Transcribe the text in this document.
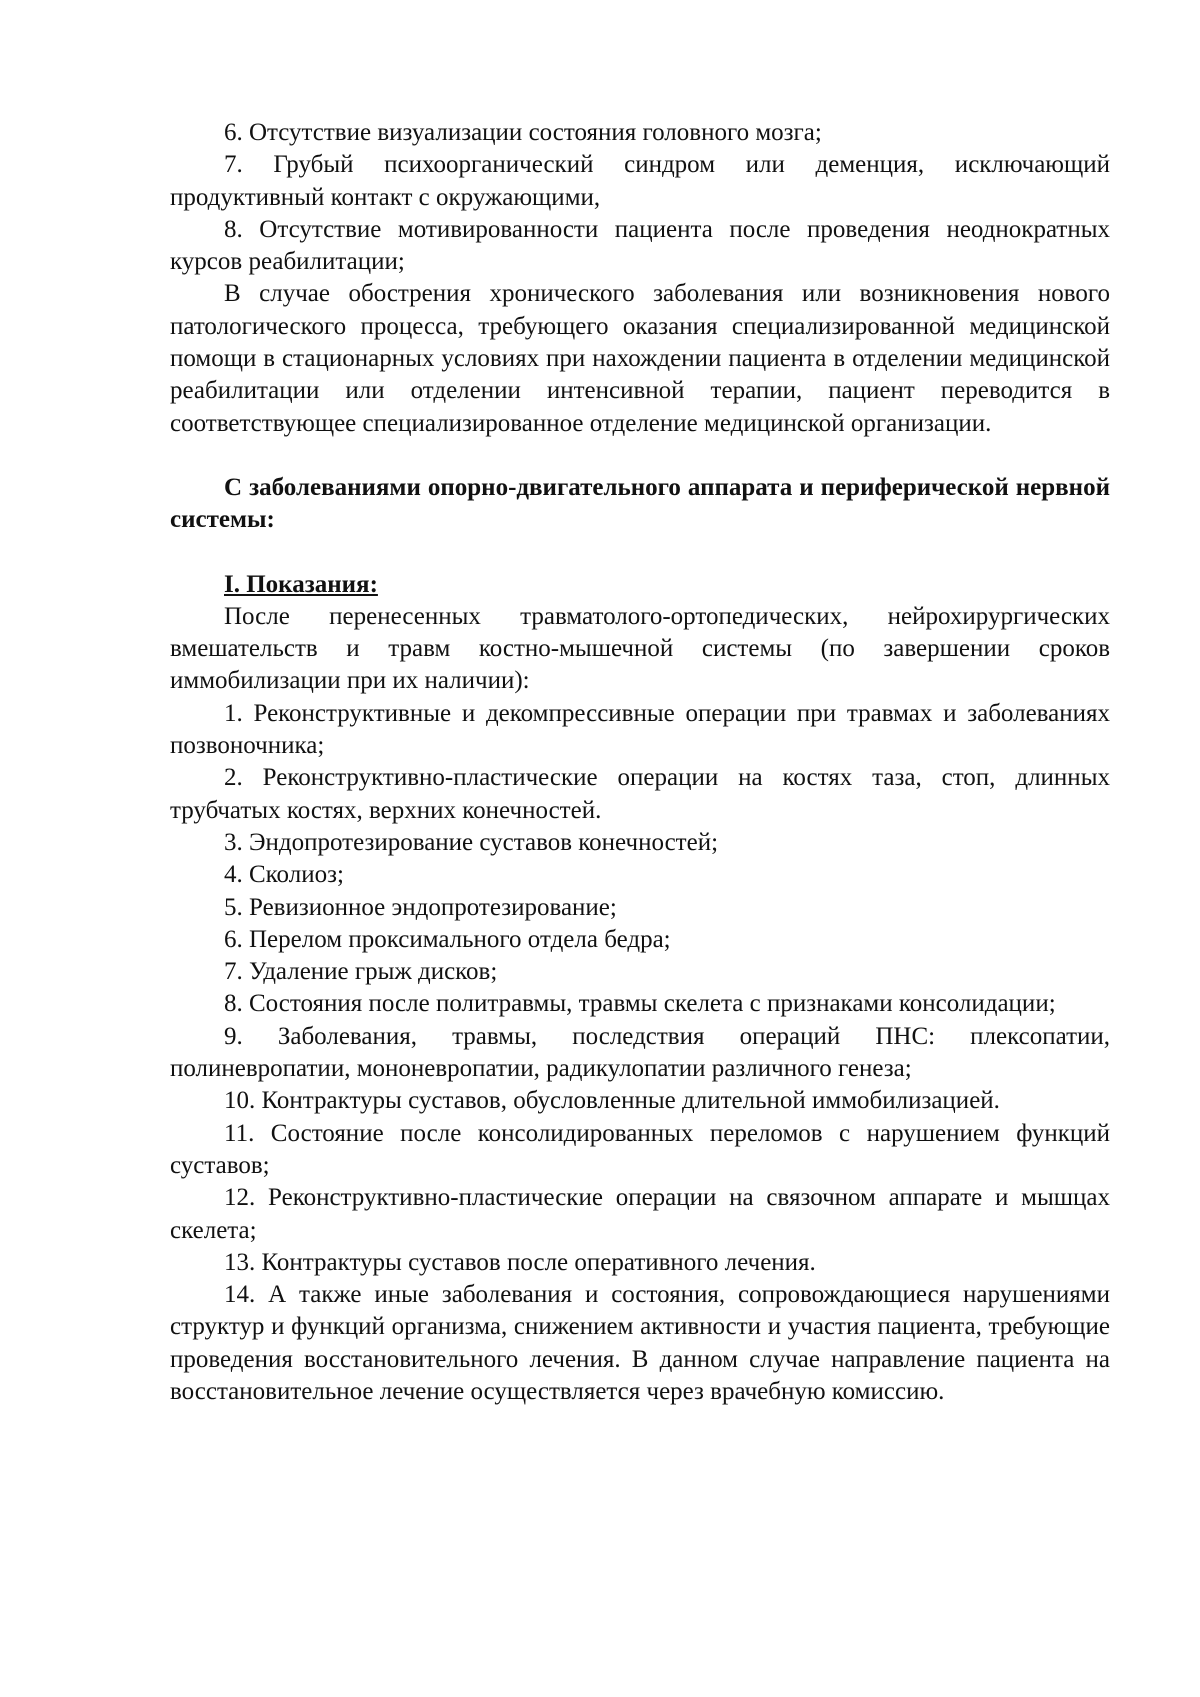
6. Отсутствие визуализации состояния головного мозга;

7. Грубый психоорганический синдром или деменция, исключающий продуктивный контакт с окружающими,

8. Отсутствие мотивированности пациента после проведения неоднократных курсов реабилитации;

В случае обострения хронического заболевания или возникновения нового патологического процесса, требующего оказания специализированной медицинской помощи в стационарных условиях при нахождении пациента в отделении медицинской реабилитации или отделении интенсивной терапии, пациент переводится в соответствующее специализированное отделение медицинской организации.

С заболеваниями опорно-двигательного аппарата и периферической нервной системы:

I. Показания:

После перенесенных травматолого-ортопедических, нейрохирургических вмешательств и травм костно-мышечной системы (по завершении сроков иммобилизации при их наличии):

1. Реконструктивные и декомпрессивные операции при травмах и заболеваниях позвоночника;

2. Реконструктивно-пластические операции на костях таза, стоп, длинных трубчатых костях, верхних конечностей.

3. Эндопротезирование суставов конечностей;

4. Сколиоз;

5. Ревизионное эндопротезирование;

6. Перелом проксимального отдела бедра;

7. Удаление грыж дисков;

8. Состояния после политравмы, травмы скелета с признаками консолидации;

9. Заболевания, травмы, последствия операций ПНС: плексопатии, полиневропатии, мононевропатии, радикулопатии различного генеза;

10. Контрактуры суставов, обусловленные длительной иммобилизацией.

11. Состояние после консолидированных переломов с нарушением функций суставов;

12. Реконструктивно-пластические операции на связочном аппарате и мышцах скелета;

13. Контрактуры суставов после оперативного лечения.

14. А также иные заболевания и состояния, сопровождающиеся нарушениями структур и функций организма, снижением активности и участия пациента, требующие проведения восстановительного лечения. В данном случае направление пациента на восстановительное лечение осуществляется через врачебную комиссию.
